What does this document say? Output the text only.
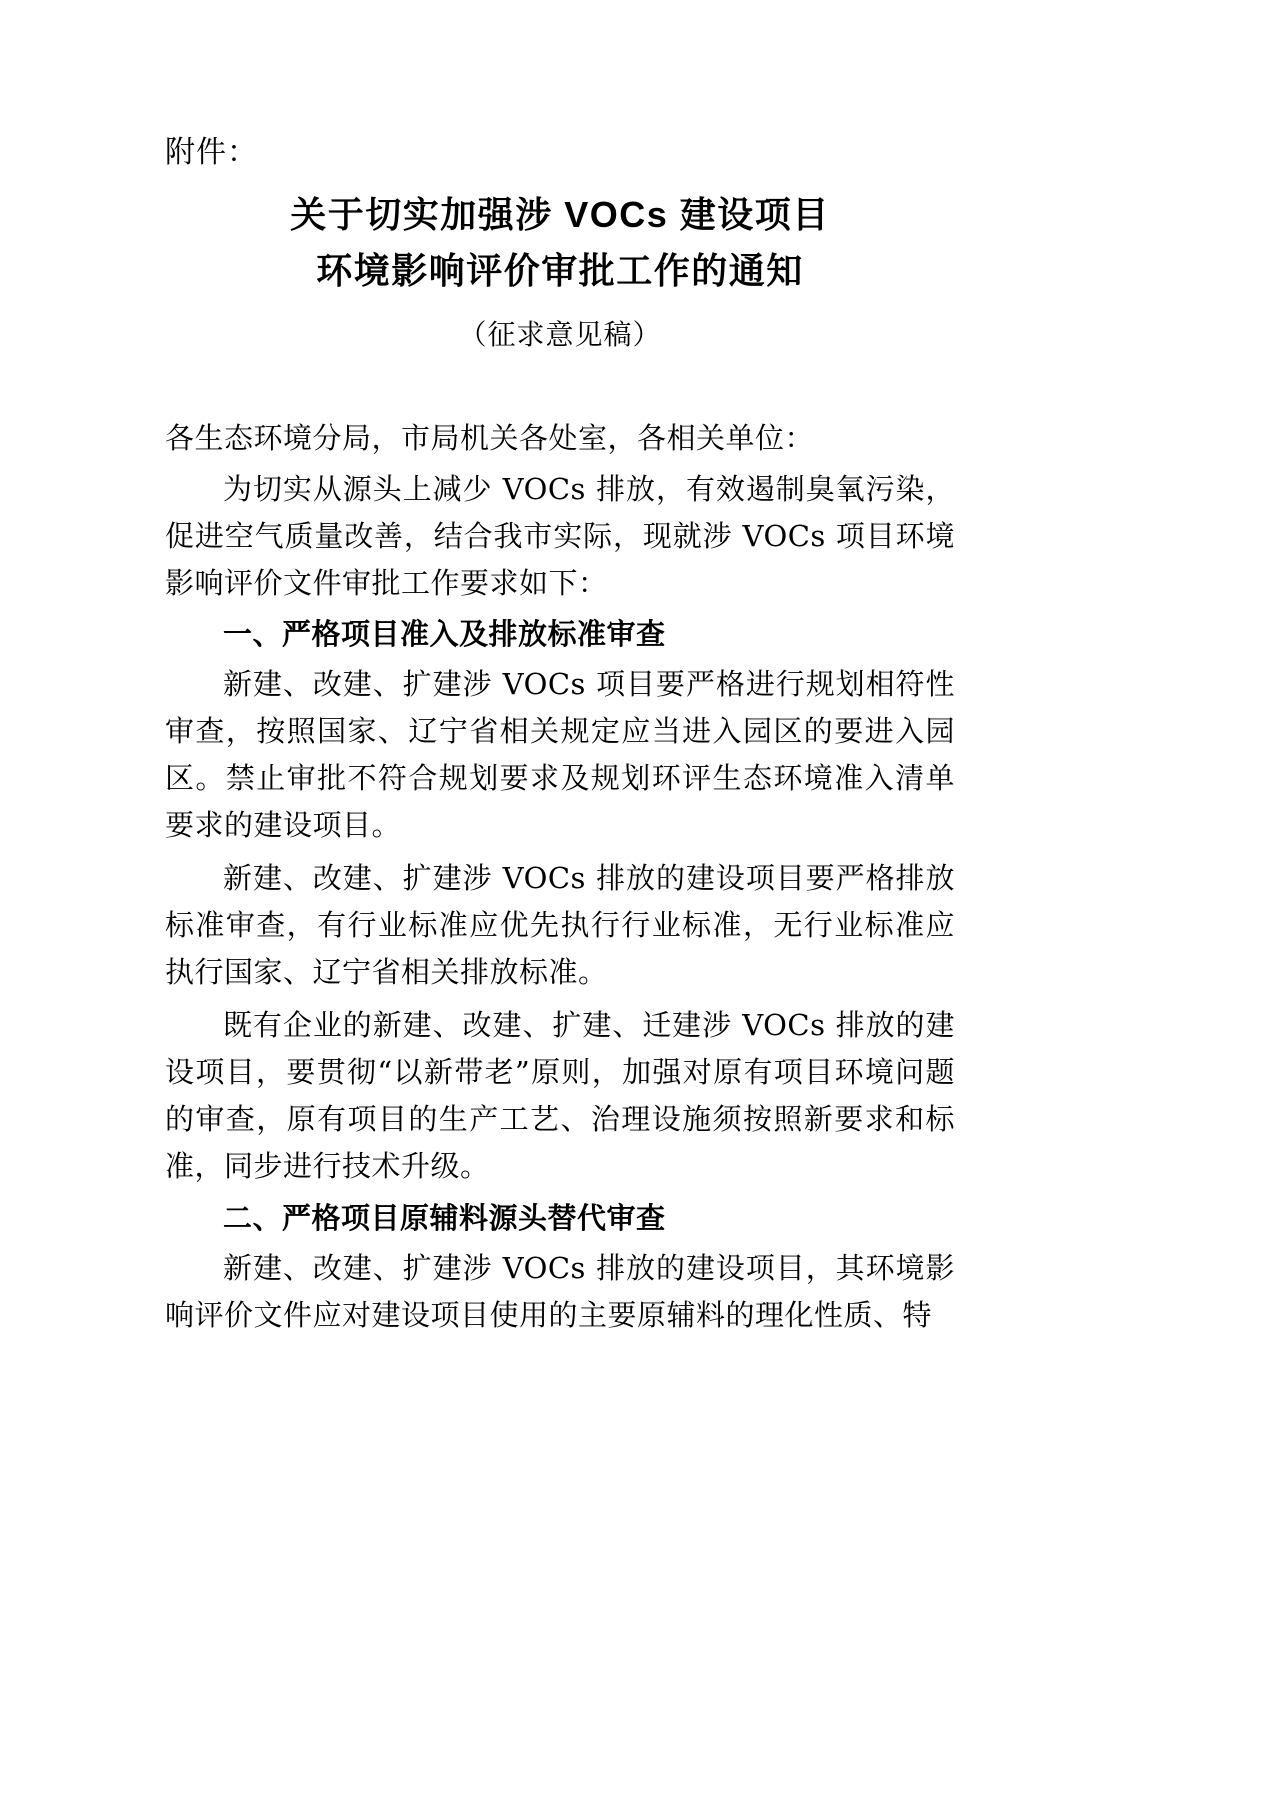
附件：
关于切实加强涉 VOCs 建设项目
环境影响评价审批工作的通知
（征求意见稿）

各生态环境分局，市局机关各处室，各相关单位：

为切实从源头上减少 VOCs 排放，有效遏制臭氧污染，促进空气质量改善，结合我市实际，现就涉 VOCs 项目环境影响评价文件审批工作要求如下：

一、严格项目准入及排放标准审查

新建、改建、扩建涉 VOCs 项目要严格进行规划相符性审查，按照国家、辽宁省相关规定应当进入园区的要进入园区。禁止审批不符合规划要求及规划环评生态环境准入清单要求的建设项目。

新建、改建、扩建涉 VOCs 排放的建设项目要严格排放标准审查，有行业标准应优先执行行业标准，无行业标准应执行国家、辽宁省相关排放标准。

既有企业的新建、改建、扩建、迁建涉 VOCs 排放的建设项目，要贯彻“以新带老”原则，加强对原有项目环境问题的审查，原有项目的生产工艺、治理设施须按照新要求和标准，同步进行技术升级。

二、严格项目原辅料源头替代审查

新建、改建、扩建涉 VOCs 排放的建设项目，其环境影响评价文件应对建设项目使用的主要原辅料的理化性质、特
